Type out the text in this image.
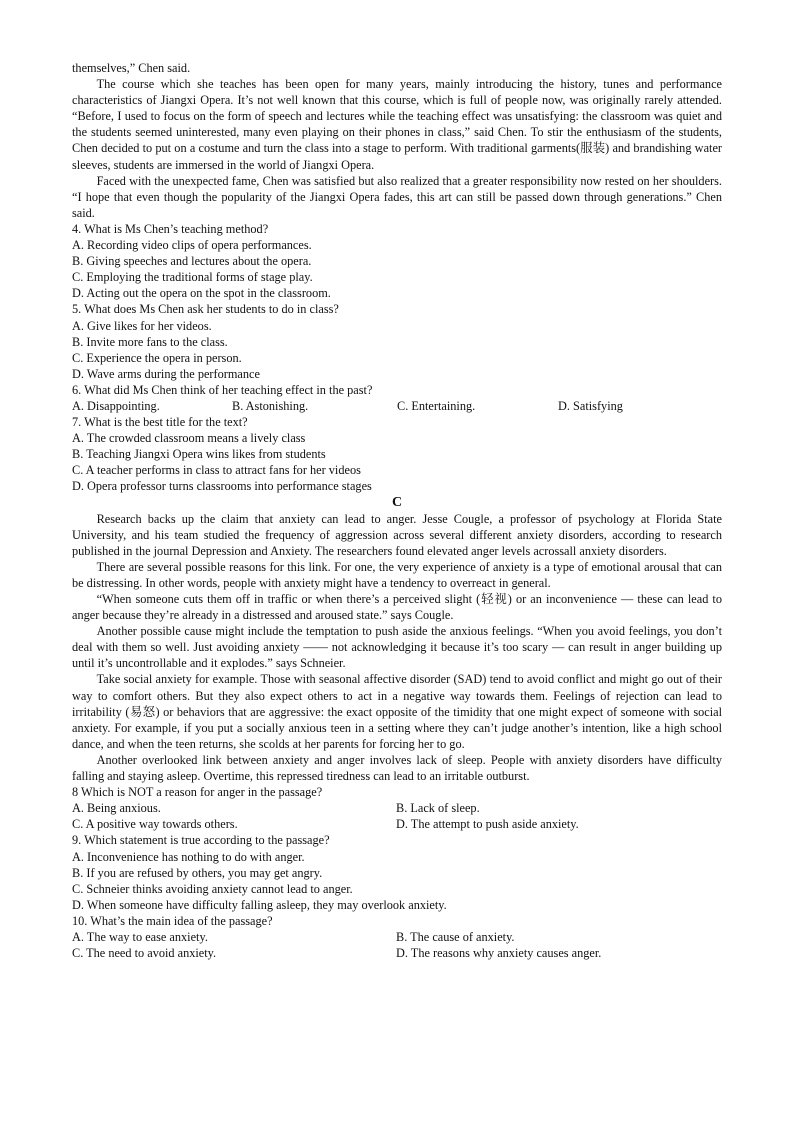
themselves,” Chen said.

The course which she teaches has been open for many years, mainly introducing the history, tunes and performance characteristics of Jiangxi Opera. It’s not well known that this course, which is full of people now, was originally rarely attended. “Before, I used to focus on the form of speech and lectures while the teaching effect was unsatisfying: the classroom was quiet and the students seemed uninterested, many even playing on their phones in class,” said Chen. To stir the enthusiasm of the students, Chen decided to put on a costume and turn the class into a stage to perform. With traditional garments(服装) and brandishing water sleeves, students are immersed in the world of Jiangxi Opera.

Faced with the unexpected fame, Chen was satisfied but also realized that a greater responsibility now rested on her shoulders. “I hope that even though the popularity of the Jiangxi Opera fades, this art can still be passed down through generations.” Chen said.

4. What is Ms Chen’s teaching method?

A. Recording video clips of opera performances.

B. Giving speeches and lectures about the opera.

C. Employing the traditional forms of stage play.

D. Acting out the opera on the spot in the classroom.

5. What does Ms Chen ask her students to do in class?

A. Give likes for her videos.

B. Invite more fans to the class.

C. Experience the opera in person.

D. Wave arms during the performance

6. What did Ms Chen think of her teaching effect in the past?

A. Disappointing.	B. Astonishing.	C. Entertaining.	D. Satisfying

7. What is the best title for the text?

A. The crowded classroom means a lively class

B. Teaching Jiangxi Opera wins likes from students

C. A teacher performs in class to attract fans for her videos

D. Opera professor turns classrooms into performance stages

C

Research backs up the claim that anxiety can lead to anger. Jesse Cougle, a professor of psychology at Florida State University, and his team studied the frequency of aggression across several different anxiety disorders, according to research published in the journal Depression and Anxiety. The researchers found elevated anger levels acrossall anxiety disorders.

There are several possible reasons for this link. For one, the very experience of anxiety is a type of emotional arousal that can be distressing. In other words, people with anxiety might have a tendency to overreact in general.

“When someone cuts them off in traffic or when there’s a perceived slight (轻视) or an inconvenience — these can lead to anger because they’re already in a distressed and aroused state.” says Cougle.

Another possible cause might include the temptation to push aside the anxious feelings. “When you avoid feelings, you don’t deal with them so well. Just avoiding anxiety —— not acknowledging it because it’s too scary — can result in anger building up until it’s uncontrollable and it explodes.” says Schneier.

Take social anxiety for example. Those with seasonal affective disorder (SAD) tend to avoid conflict and might go out of their way to comfort others. But they also expect others to act in a negative way towards them. Feelings of rejection can lead to irritability (易怒) or behaviors that are aggressive: the exact opposite of the timidity that one might expect of someone with social anxiety. For example, if you put a socially anxious teen in a setting where they can’t judge another’s intention, like a high school dance, and when the teen returns, she scolds at her parents for forcing her to go.

Another overlooked link between anxiety and anger involves lack of sleep. People with anxiety disorders have difficulty falling and staying asleep. Overtime, this repressed tiredness can lead to an irritable outburst.

8 Which is NOT a reason for anger in the passage?

A. Being anxious.	B. Lack of sleep.
C. A positive way towards others.	D. The attempt to push aside anxiety.

9. Which statement is true according to the passage?

A. Inconvenience has nothing to do with anger.

B. If you are refused by others, you may get angry.

C. Schneier thinks avoiding anxiety cannot lead to anger.

D. When someone have difficulty falling asleep, they may overlook anxiety.

10. What’s the main idea of the passage?

A. The way to ease anxiety.	B. The cause of anxiety.
C. The need to avoid anxiety.	D. The reasons why anxiety causes anger.
